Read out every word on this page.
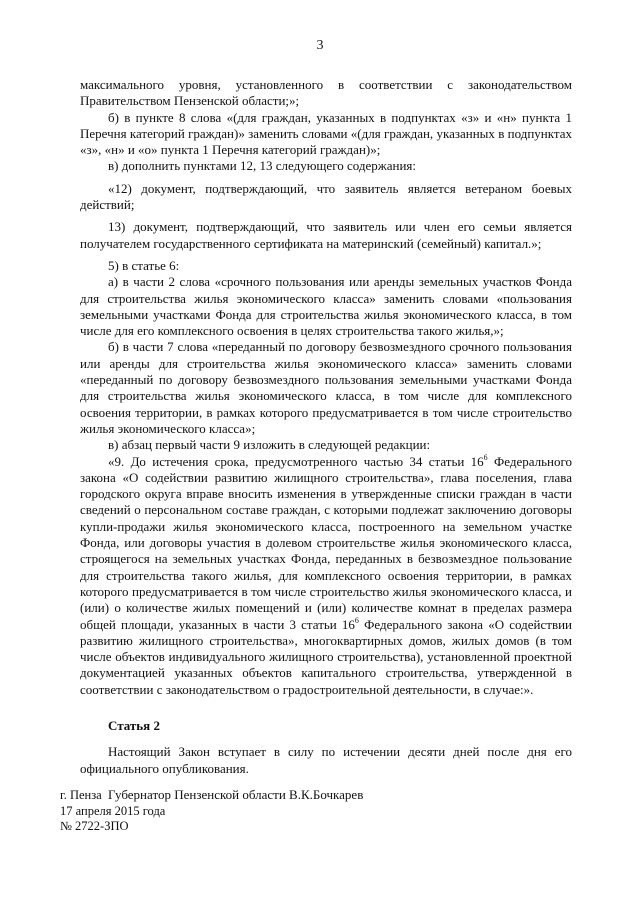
3

максимального уровня, установленного в соответствии с законодательством Правительством Пензенской области;»;

б) в пункте 8 слова «(для граждан, указанных в подпунктах «з» и «н» пункта 1 Перечня категорий граждан)» заменить словами «(для граждан, указанных в подпунктах «з», «н» и «о» пункта 1 Перечня категорий граждан)»;

в) дополнить пунктами 12, 13 следующего содержания:

«12) документ, подтверждающий, что заявитель является ветераном боевых действий;

13) документ, подтверждающий, что заявитель или член его семьи является получателем государственного сертификата на материнский (семейный) капитал.»;

5) в статье 6:

а) в части 2 слова «срочного пользования или аренды земельных участков Фонда для строительства жилья экономического класса» заменить словами «пользования земельными участками Фонда для строительства жилья экономического класса, в том числе для его комплексного освоения в целях строительства такого жилья,»;

б) в части 7 слова «переданный по договору безвозмездного срочного пользования или аренды для строительства жилья экономического класса» заменить словами «переданный по договору безвозмездного пользования земельными участками Фонда для строительства жилья экономического класса, в том числе для комплексного освоения территории, в рамках которого предусматривается в том числе строительство жилья экономического класса»;

в) абзац первый части 9 изложить в следующей редакции:

«9. До истечения срока, предусмотренного частью 34 статьи $16^6$ Федерального закона «О содействии развитию жилищного строительства», глава поселения, глава городского округа вправе вносить изменения в утвержденные списки граждан в части сведений о персональном составе граждан, с которыми подлежат заключению договоры купли-продажи жилья экономического класса, построенного на земельном участке Фонда, или договоры участия в долевом строительстве жилья экономического класса, строящегося на земельных участках Фонда, переданных в безвозмездное пользование для строительства такого жилья, для комплексного освоения территории, в рамках которого предусматривается в том числе строительство жилья экономического класса, и (или) о количестве жилых помещений и (или) количестве комнат в пределах размера общей площади, указанных в части 3 статьи $16^6$ Федерального закона «О содействии развитию жилищного строительства», многоквартирных домов, жилых домов (в том числе объектов индивидуального жилищного строительства), установленной проектной документацией указанных объектов капитального строительства, утвержденной в соответствии с законодательством о градостроительной деятельности, в случае:».

Статья 2

Настоящий Закон вступает в силу по истечении десяти дней после дня его официального опубликования.

Губернатор Пензенской области В.К.Бочкарев

г. Пенза
17 апреля 2015 года
№ 2722-ЗПО
